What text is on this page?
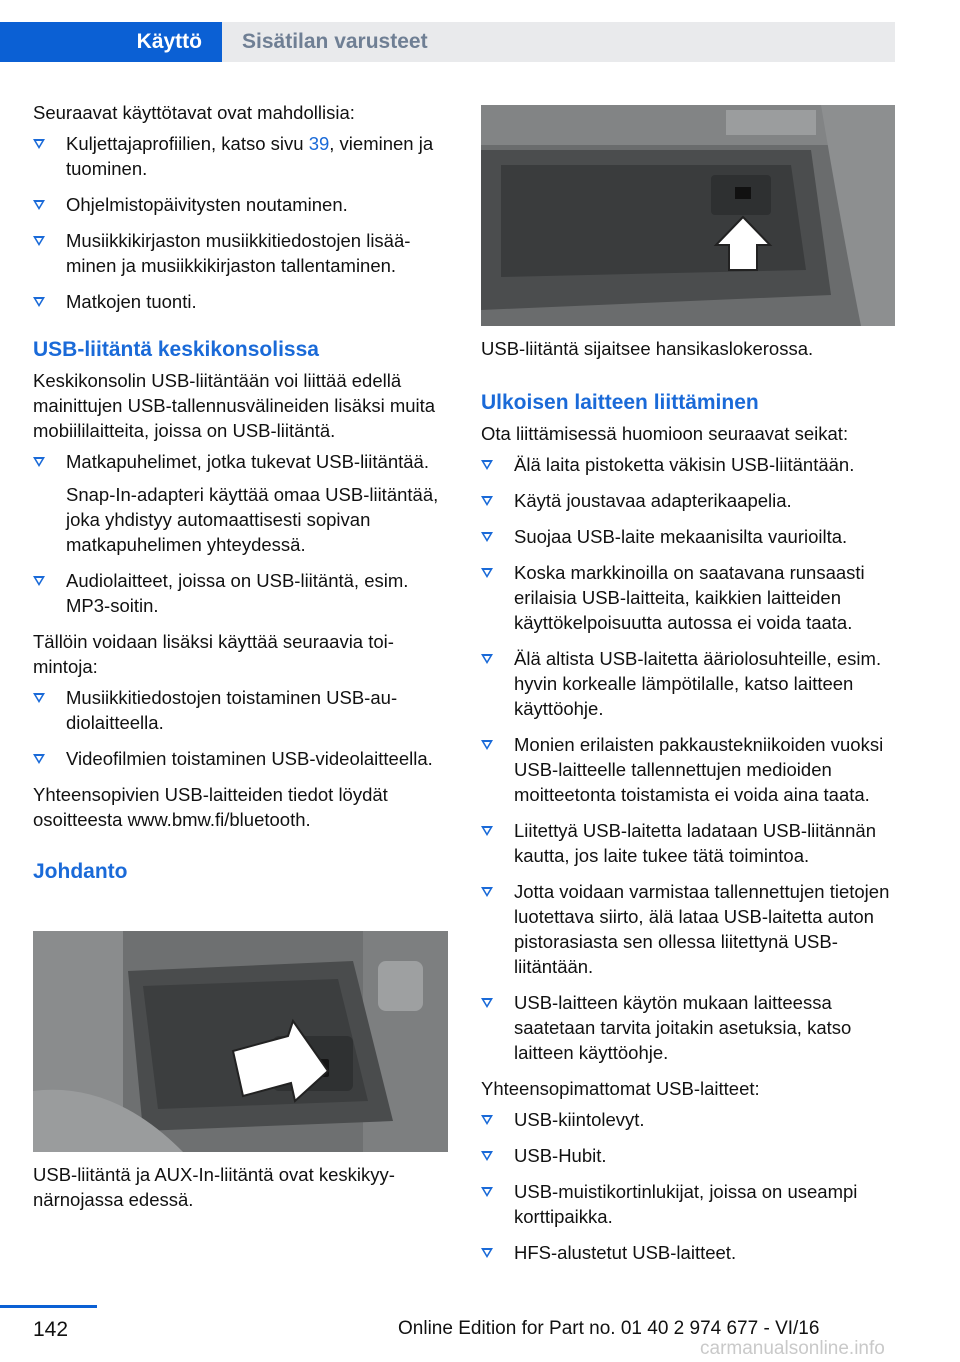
Käyttö	Sisätilan varusteet

Seuraavat käyttötavat ovat mahdollisia:

Kuljettajaprofiilien, katso sivu 39, vieminen ja tuominen.
Ohjelmistopäivitysten noutaminen.
Musiikkikirjaston musiikkitiedostojen lisääminen ja musiikkikirjaston tallentaminen.
Matkojen tuonti.
USB-liitäntä keskikonsolissa

Keskikonsolin USB-liitäntään voi liittää edellä mainittujen USB-tallennusvälineiden lisäksi muita mobiililaitteita, joissa on USB-liitäntä.

Matkapuhelimet, jotka tukevat USB-liitäntää.
Snap-In-adapteri käyttää omaa USB-liitäntää, joka yhdistyy automaattisesti sopivan matkapuhelimen yhteydessä.
Audiolaitteet, joissa on USB-liitäntä, esim. MP3-soitin.

Tällöin voidaan lisäksi käyttää seuraavia toimintoja:

Musiikkitiedostojen toistaminen USB-audiolaitteella.
Videofilmien toistaminen USB-videolaitteella.

Yhteensopivien USB-laitteiden tiedot löydät osoitteesta www.bmw.fi/bluetooth.

Johdanto
USB-liitäntä ja AUX-In-liitäntä ovat keskikyynärnojassa edessä.

USB-liitäntä sijaitsee hansikaslokerossa.

Ulkoisen laitteen liittäminen

Ota liittämisessä huomioon seuraavat seikat:

Älä laita pistoketta väkisin USB-liitäntään.
Käytä joustavaa adapterikaapelia.
Suojaa USB-laite mekaanisilta vaurioilta.
Koska markkinoilla on saatavana runsaasti erilaisia USB-laitteita, kaikkien laitteiden käyttökelpoisuutta autossa ei voida taata.
Älä altista USB-laitetta ääriolosuhteille, esim. hyvin korkealle lämpötilalle, katso laitteen käyttöohje.
Monien erilaisten pakkaustekniikoiden vuoksi USB-laitteelle tallennettujen medioiden moitteetonta toistamista ei voida aina taata.
Liitettyä USB-laitetta ladataan USB-liitännän kautta, jos laite tukee tätä toimintoa.
Jotta voidaan varmistaa tallennettujen tietojen luotettava siirto, älä lataa USB-laitetta auton pistorasiasta sen ollessa liitettynä USB-liitäntään.
USB-laitteen käytön mukaan laitteessa saatetaan tarvita joitakin asetuksia, katso laitteen käyttöohje.

Yhteensopimattomat USB-laitteet:

USB-kiintolevyt.
USB-Hubit.
USB-muistikortinlukijat, joissa on useampi korttipaikka.
HFS-alustetut USB-laitteet.
142	Online Edition for Part no. 01 40 2 974 677 - VI/16
carmanualsonline.info
